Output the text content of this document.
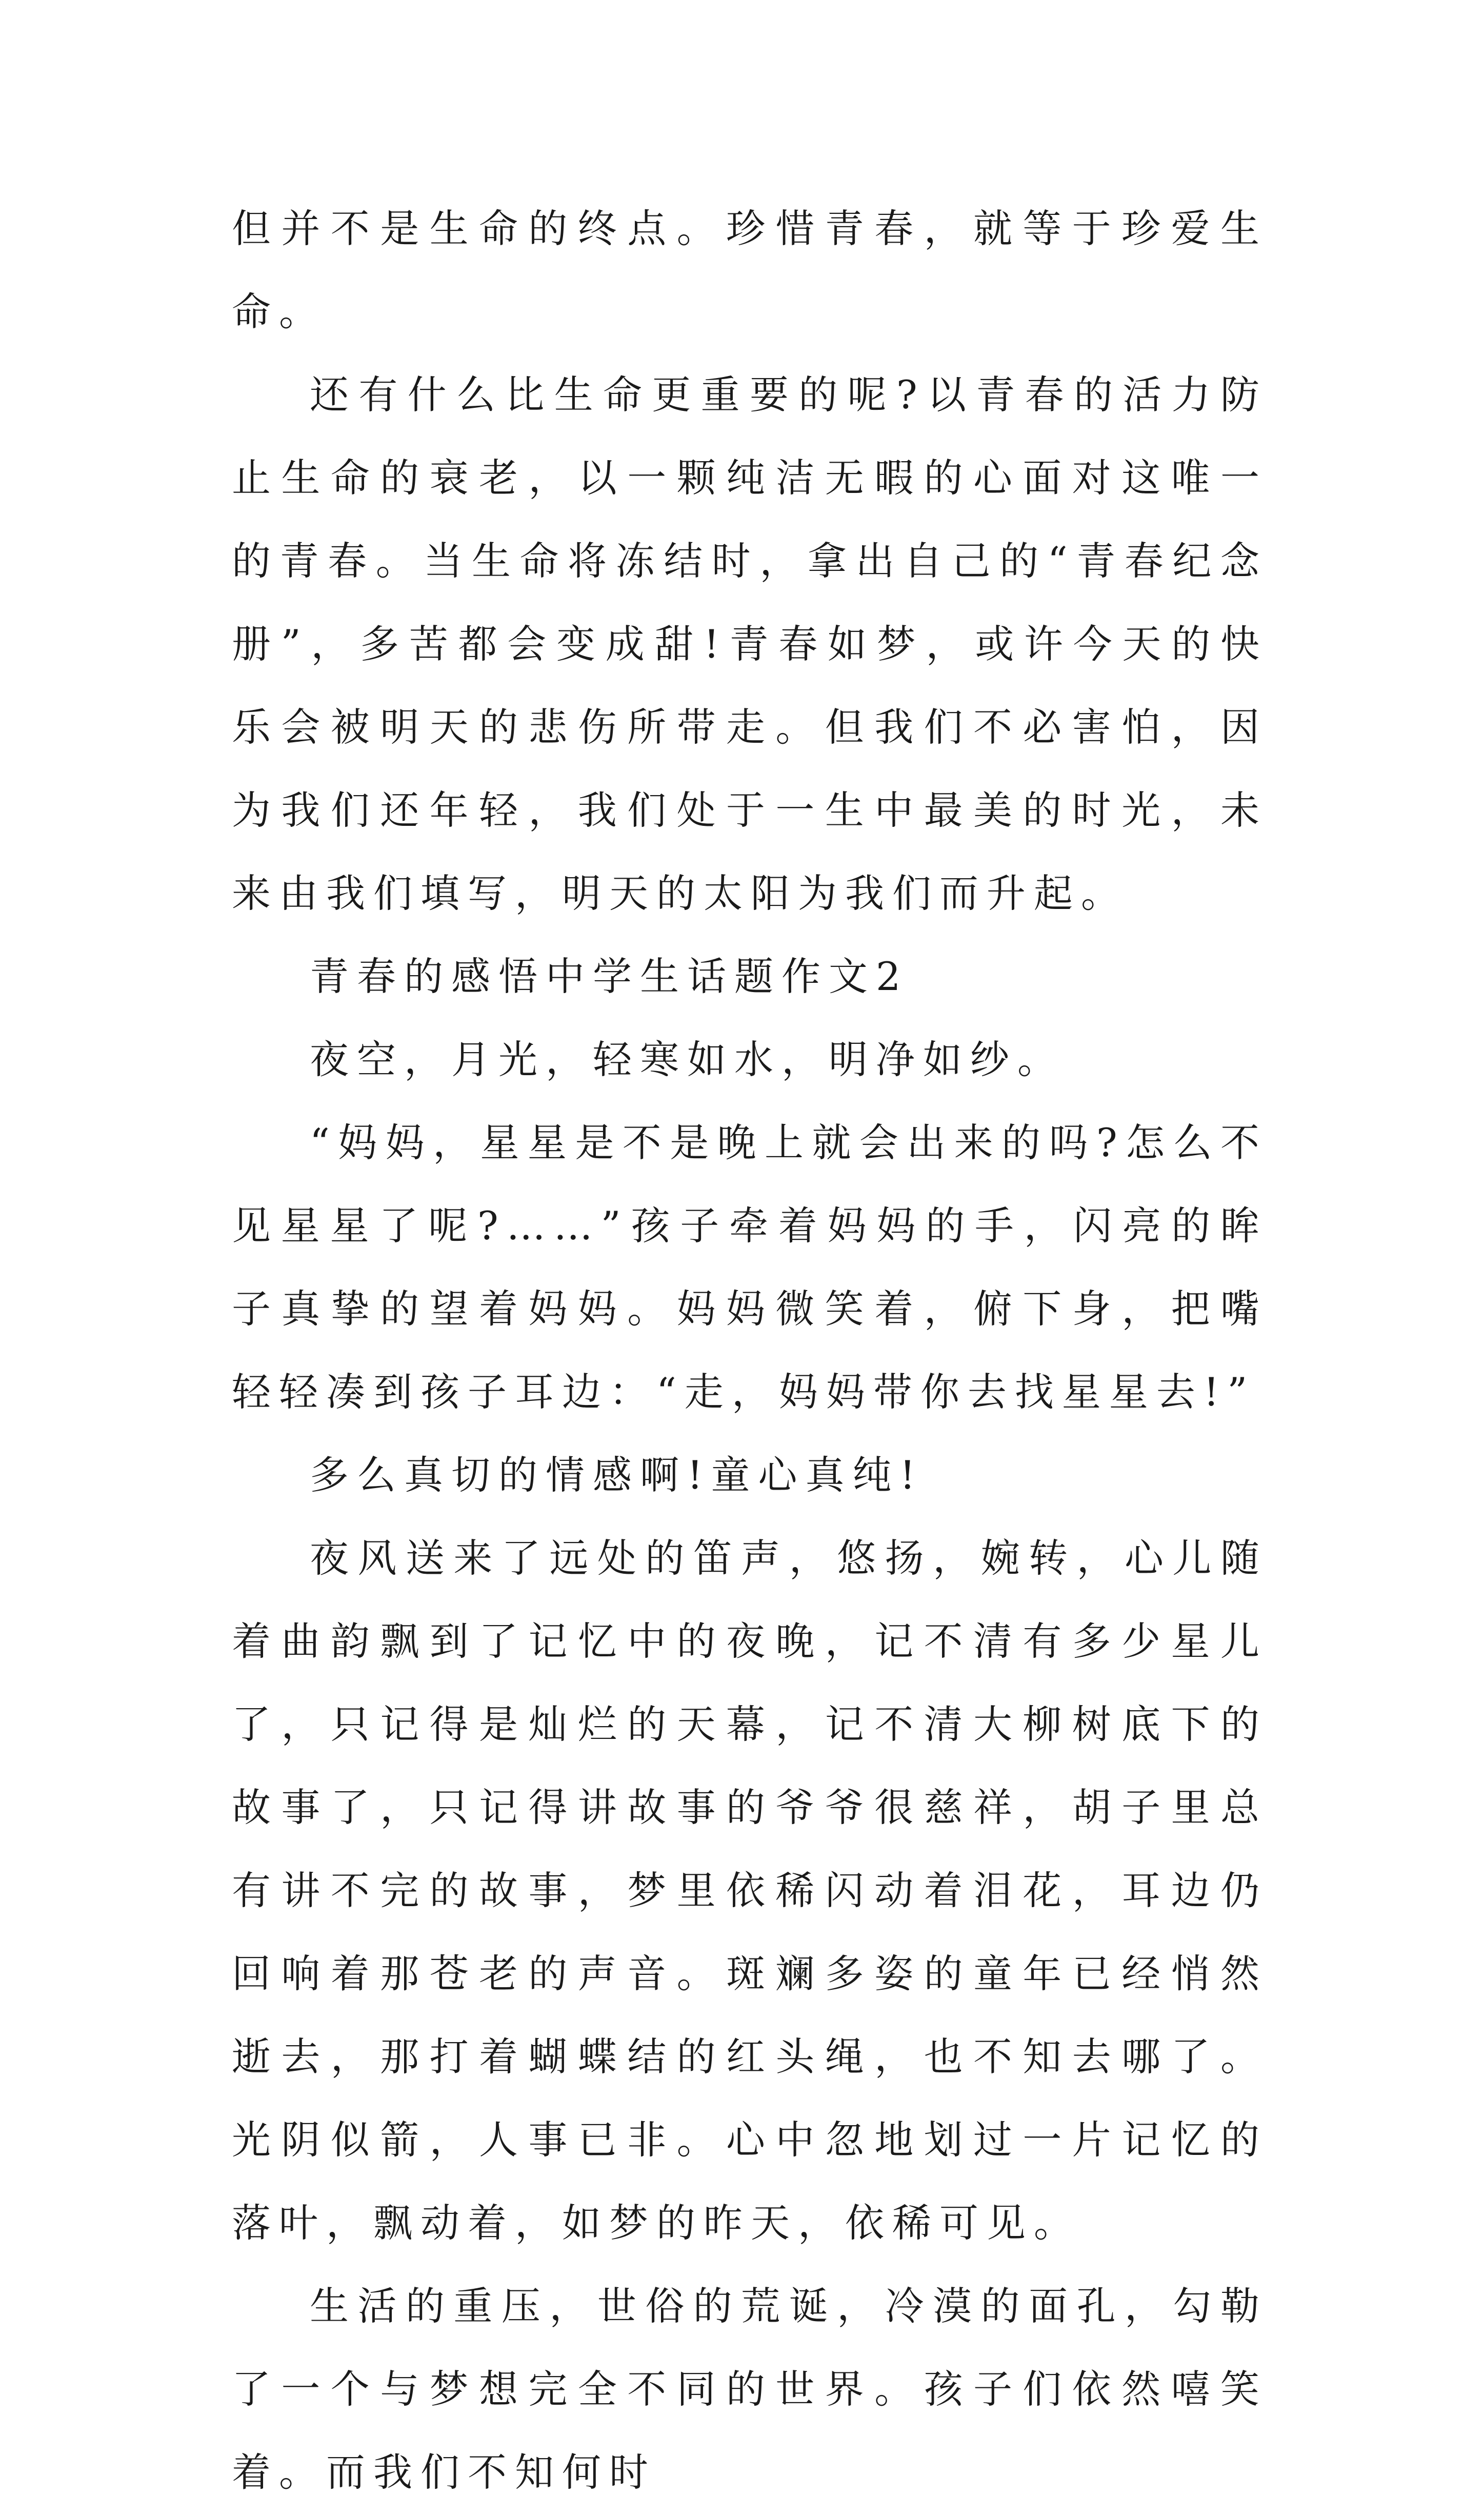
但并不是生命的终点。珍惜青春，就等于珍爱生命。

还有什么比生命更重要的呢?以青春的活力防止生命的衰老，以一颗纯洁无暇的心面对这唯一的青春。当生命将冻结时，拿出自己的“青春纪念册”，多苦都会变成甜!青春如梦，或许今天的快乐会被明天的悲伤所带走。但我们不必害怕，因为我们还年轻，我们处于一生中最美的时光，未来由我们填写，明天的太阳为我们而升起。

青春的感悟中学生话题作文2

夜空，月光，轻寒如水，明净如纱。

“妈妈，星星是不是晚上就会出来的吗?怎么不见星星了呢?……”孩子牵着妈妈的手，闪亮的眸子真挚的望着妈妈。妈妈微笑着，俯下身，把嘴轻轻凑到孩子耳边：“走，妈妈带你去找星星去!”

多么真切的情感啊!童心真纯!

夜风送来了远处的笛声，悠扬，婉转，心儿随着曲韵飘到了记忆中的夜晚，记不清有多少星儿了，只记得是灿烂的天幕，记不清大柳树底下的故事了，只记得讲故事的爷爷很慈祥，胡子里总有讲不完的故事，梦里依稀闪动着泪花，耳边仍回响着那苍老的声音。斑斓多姿的童年已经悄然逝去，那打着蝴蝶结的红头绳，也不知去哪了。光阴似箭，人事已非。心中忽地划过一片记忆的落叶，飘动着，如梦的昨天，依稀可见。

生活的重压，世俗的荒诞，冷漠的面孔，勾勒了一个与梦想完全不同的世界。孩子们依然嘻笑着。而我们不知何时
